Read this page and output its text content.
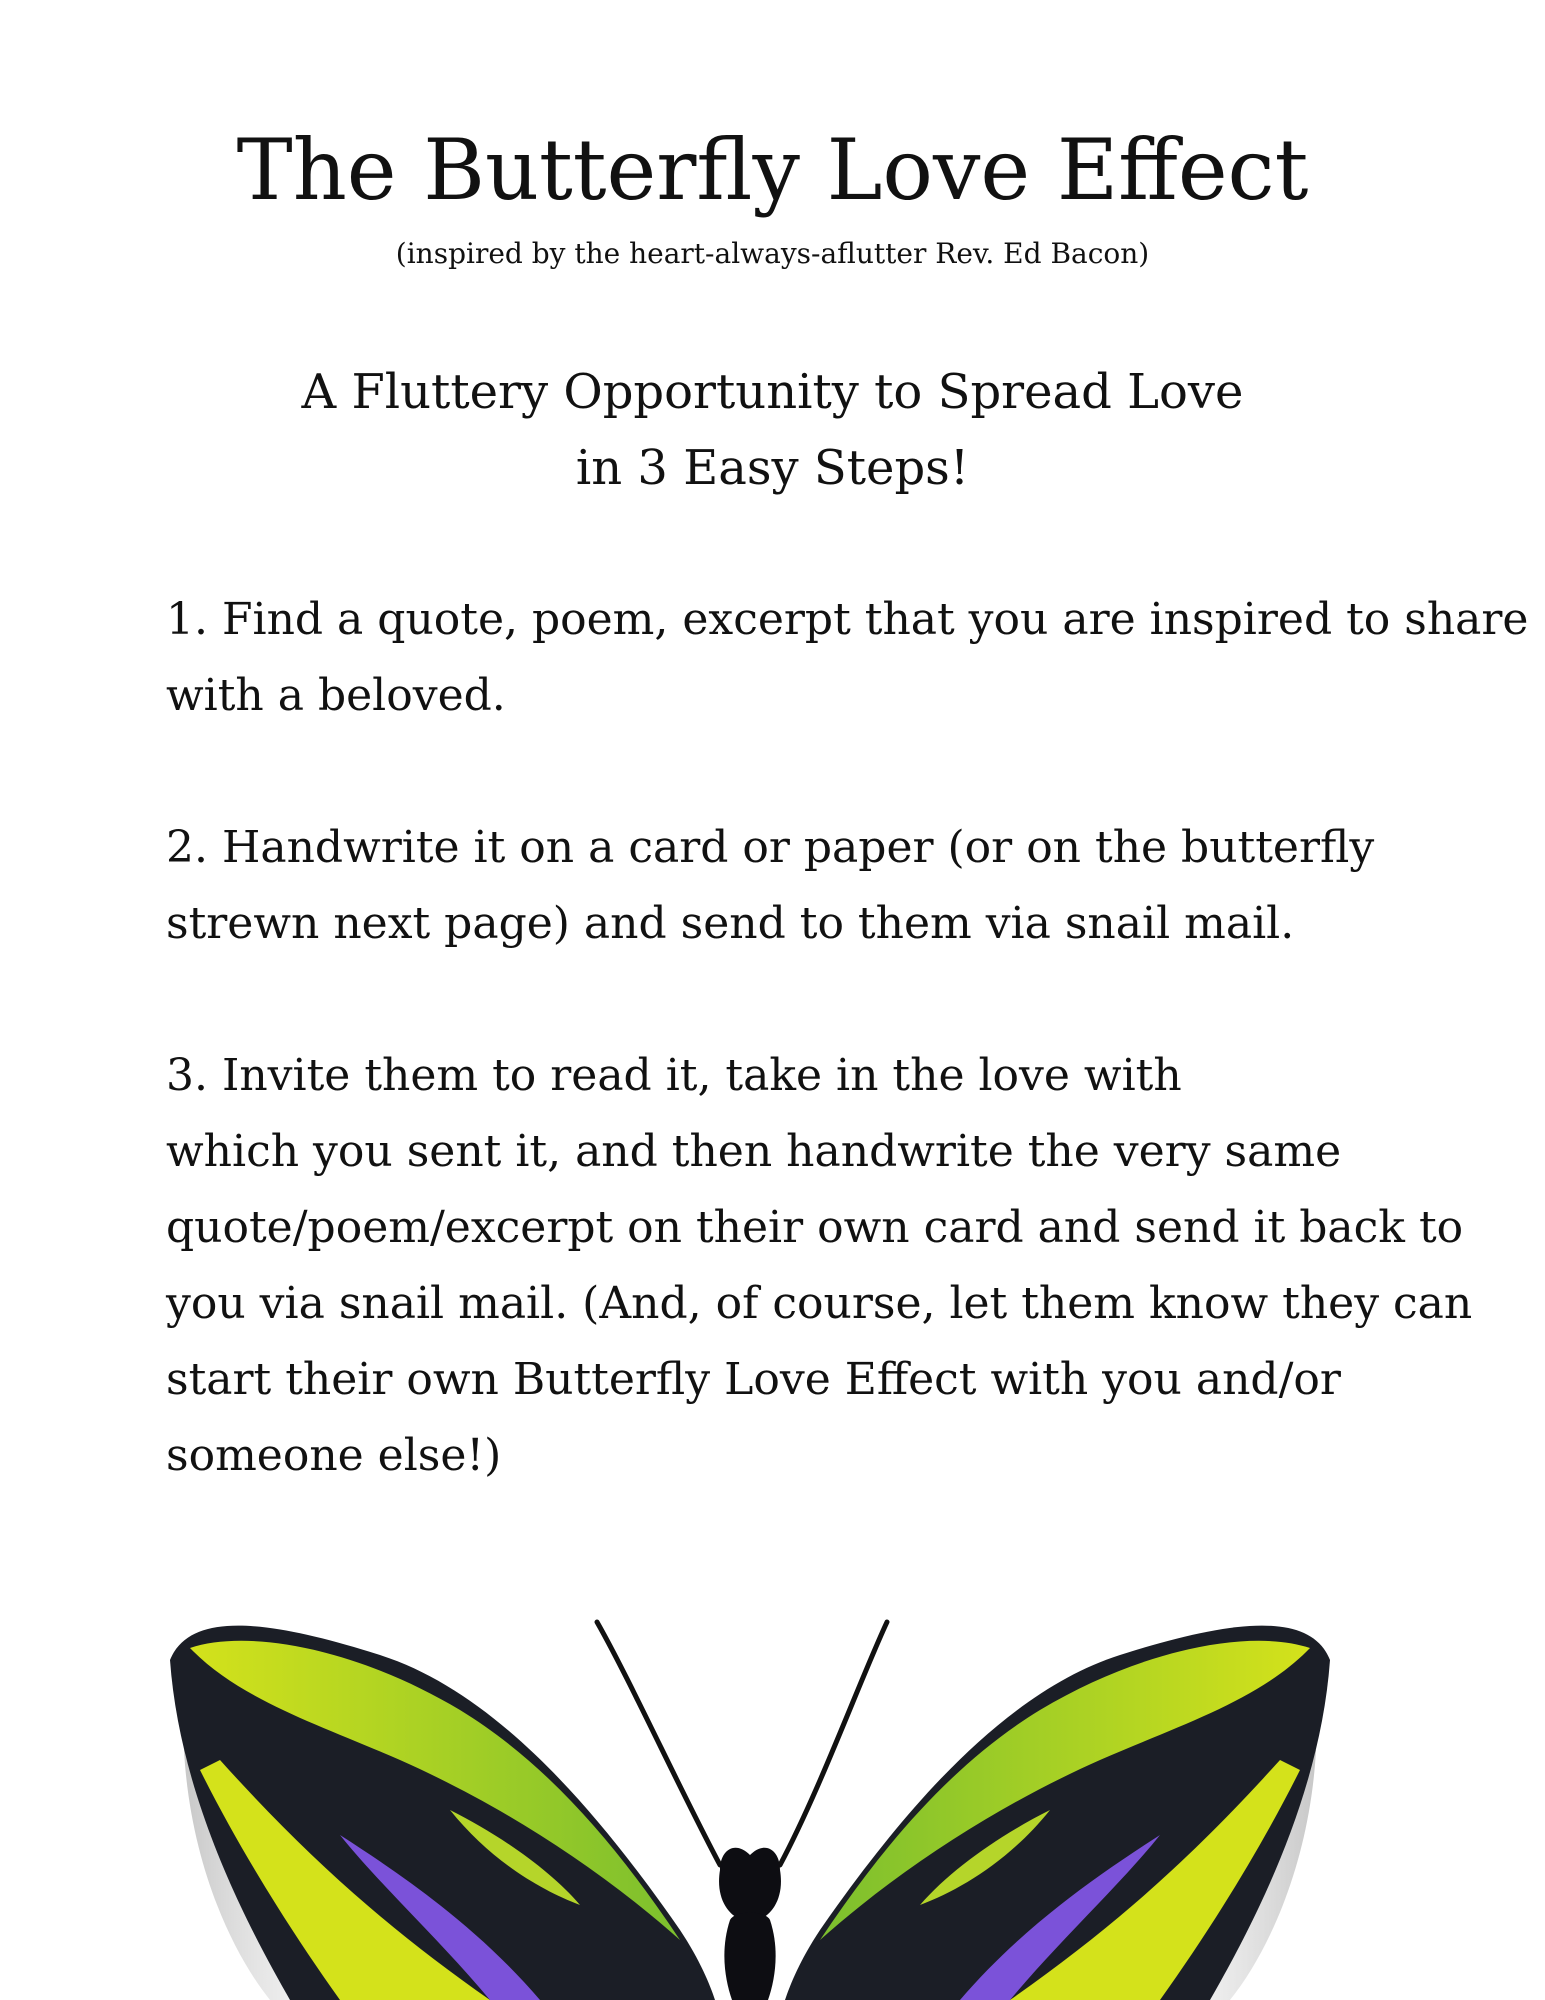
The Butterfly Love Effect

(inspired by the heart-always-aflutter Rev. Ed Bacon)

A Fluttery Opportunity to Spread Love
in 3 Easy Steps!
1. Find a quote, poem, excerpt that you are inspired to share
with a beloved.
2. Handwrite it on a card or paper (or on the butterfly
strewn next page) and send to them via snail mail.
3. Invite them to read it, take in the love with
which you sent it, and then handwrite the very same
quote/poem/excerpt on their own card and send it back to
you via snail mail. (And, of course, let them know they can
start their own Butterfly Love Effect with you and/or
someone else!)
